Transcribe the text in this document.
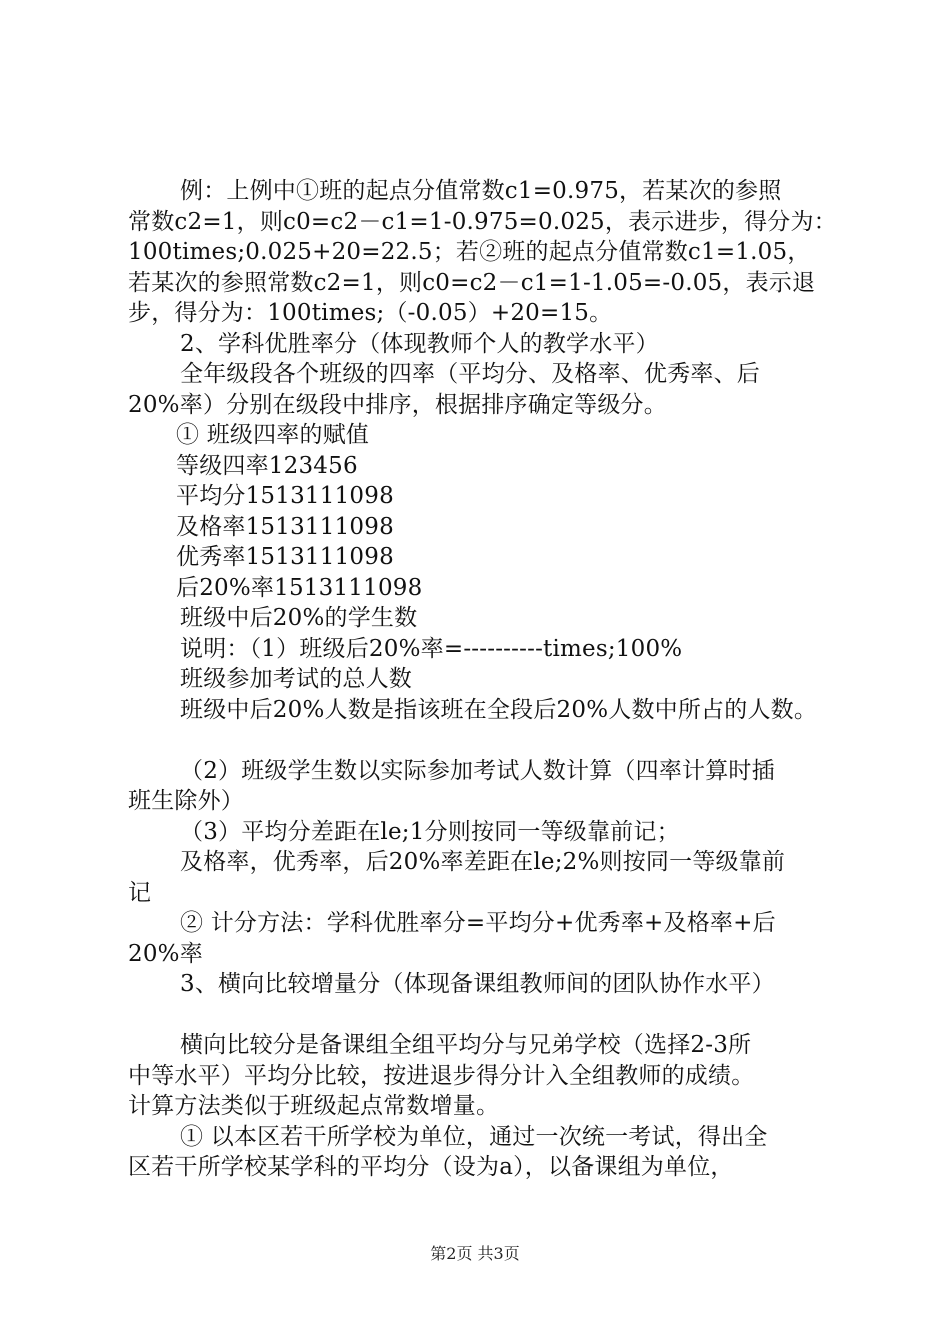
例：上例中①班的起点分值常数c1=0.975，若某次的参照
常数c2=1，则c0=c2－c1=1-0.975=0.025，表示进步，得分为：
100times;0.025+20=22.5；若②班的起点分值常数c1=1.05，
若某次的参照常数c2=1，则c0=c2－c1=1-1.05=-0.05，表示退
步，得分为：100times;（-0.05）+20=15。
2、学科优胜率分（体现教师个人的教学水平）
全年级段各个班级的四率（平均分、及格率、优秀率、后
20%率）分别在级段中排序，根据排序确定等级分。
① 班级四率的赋值
等级四率123456
平均分1513111098
及格率1513111098
优秀率1513111098
后20%率1513111098
班级中后20%的学生数
说明：（1）班级后20%率=----------times;100%
班级参加考试的总人数
班级中后20%人数是指该班在全段后20%人数中所占的人数。
（2）班级学生数以实际参加考试人数计算（四率计算时插
班生除外）
（3）平均分差距在le;1分则按同一等级靠前记；
及格率，优秀率，后20%率差距在le;2%则按同一等级靠前
记
② 计分方法：学科优胜率分=平均分+优秀率+及格率+后
20%率
3、横向比较增量分（体现备课组教师间的团队协作水平）
横向比较分是备课组全组平均分与兄弟学校（选择2-3所
中等水平）平均分比较，按进退步得分计入全组教师的成绩。
计算方法类似于班级起点常数增量。
① 以本区若干所学校为单位，通过一次统一考试，得出全
区若干所学校某学科的平均分（设为a），以备课组为单位，
第2页 共3页
